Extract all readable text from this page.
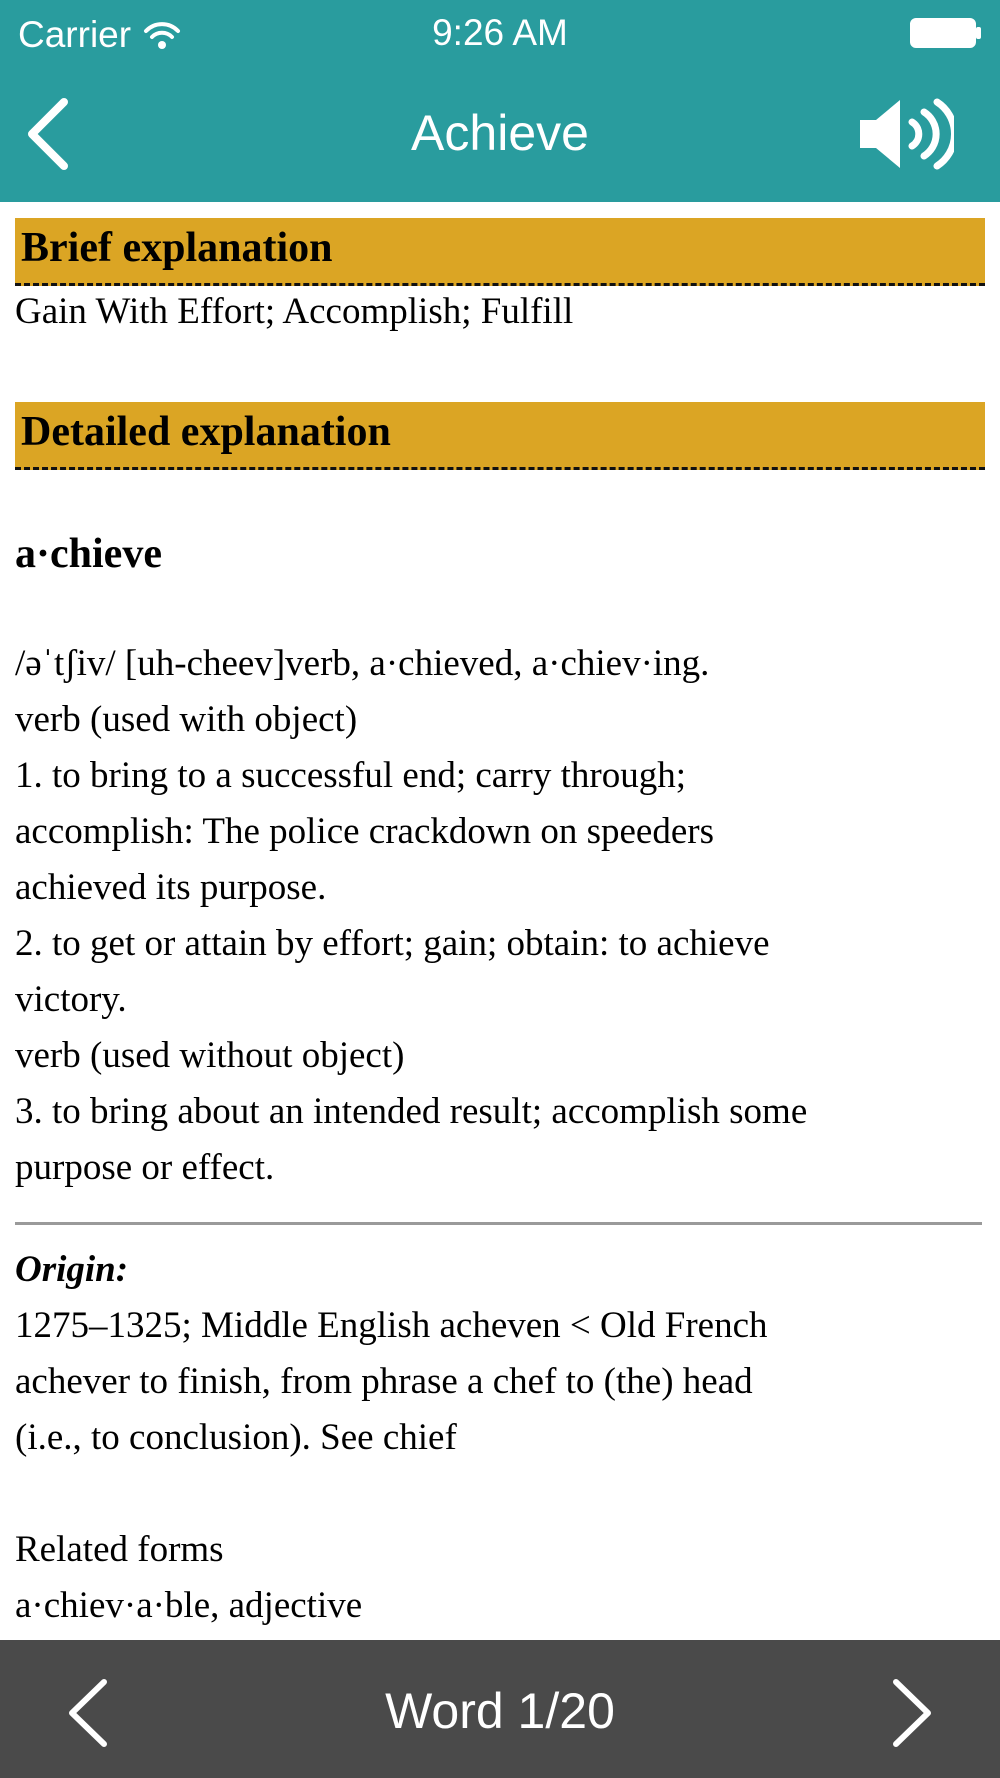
Carrier	9:26 AM
Achieve
Brief explanation
Gain With Effort; Accomplish; Fulfill
Detailed explanation
a·chieve
/əˈtʃiv/ [uh-cheev]verb, a·chieved, a·chiev·ing.
verb (used with object)
1. to bring to a successful end; carry through;
accomplish: The police crackdown on speeders
achieved its purpose.
2. to get or attain by effort; gain; obtain: to achieve
victory.
verb (used without object)
3. to bring about an intended result; accomplish some
purpose or effect.
Origin:
1275–1325; Middle English acheven < Old French
achever to finish, from phrase a chef to (the) head
(i.e., to conclusion). See chief
Related forms
a·chiev·a·ble, adjective
Word 1/20
